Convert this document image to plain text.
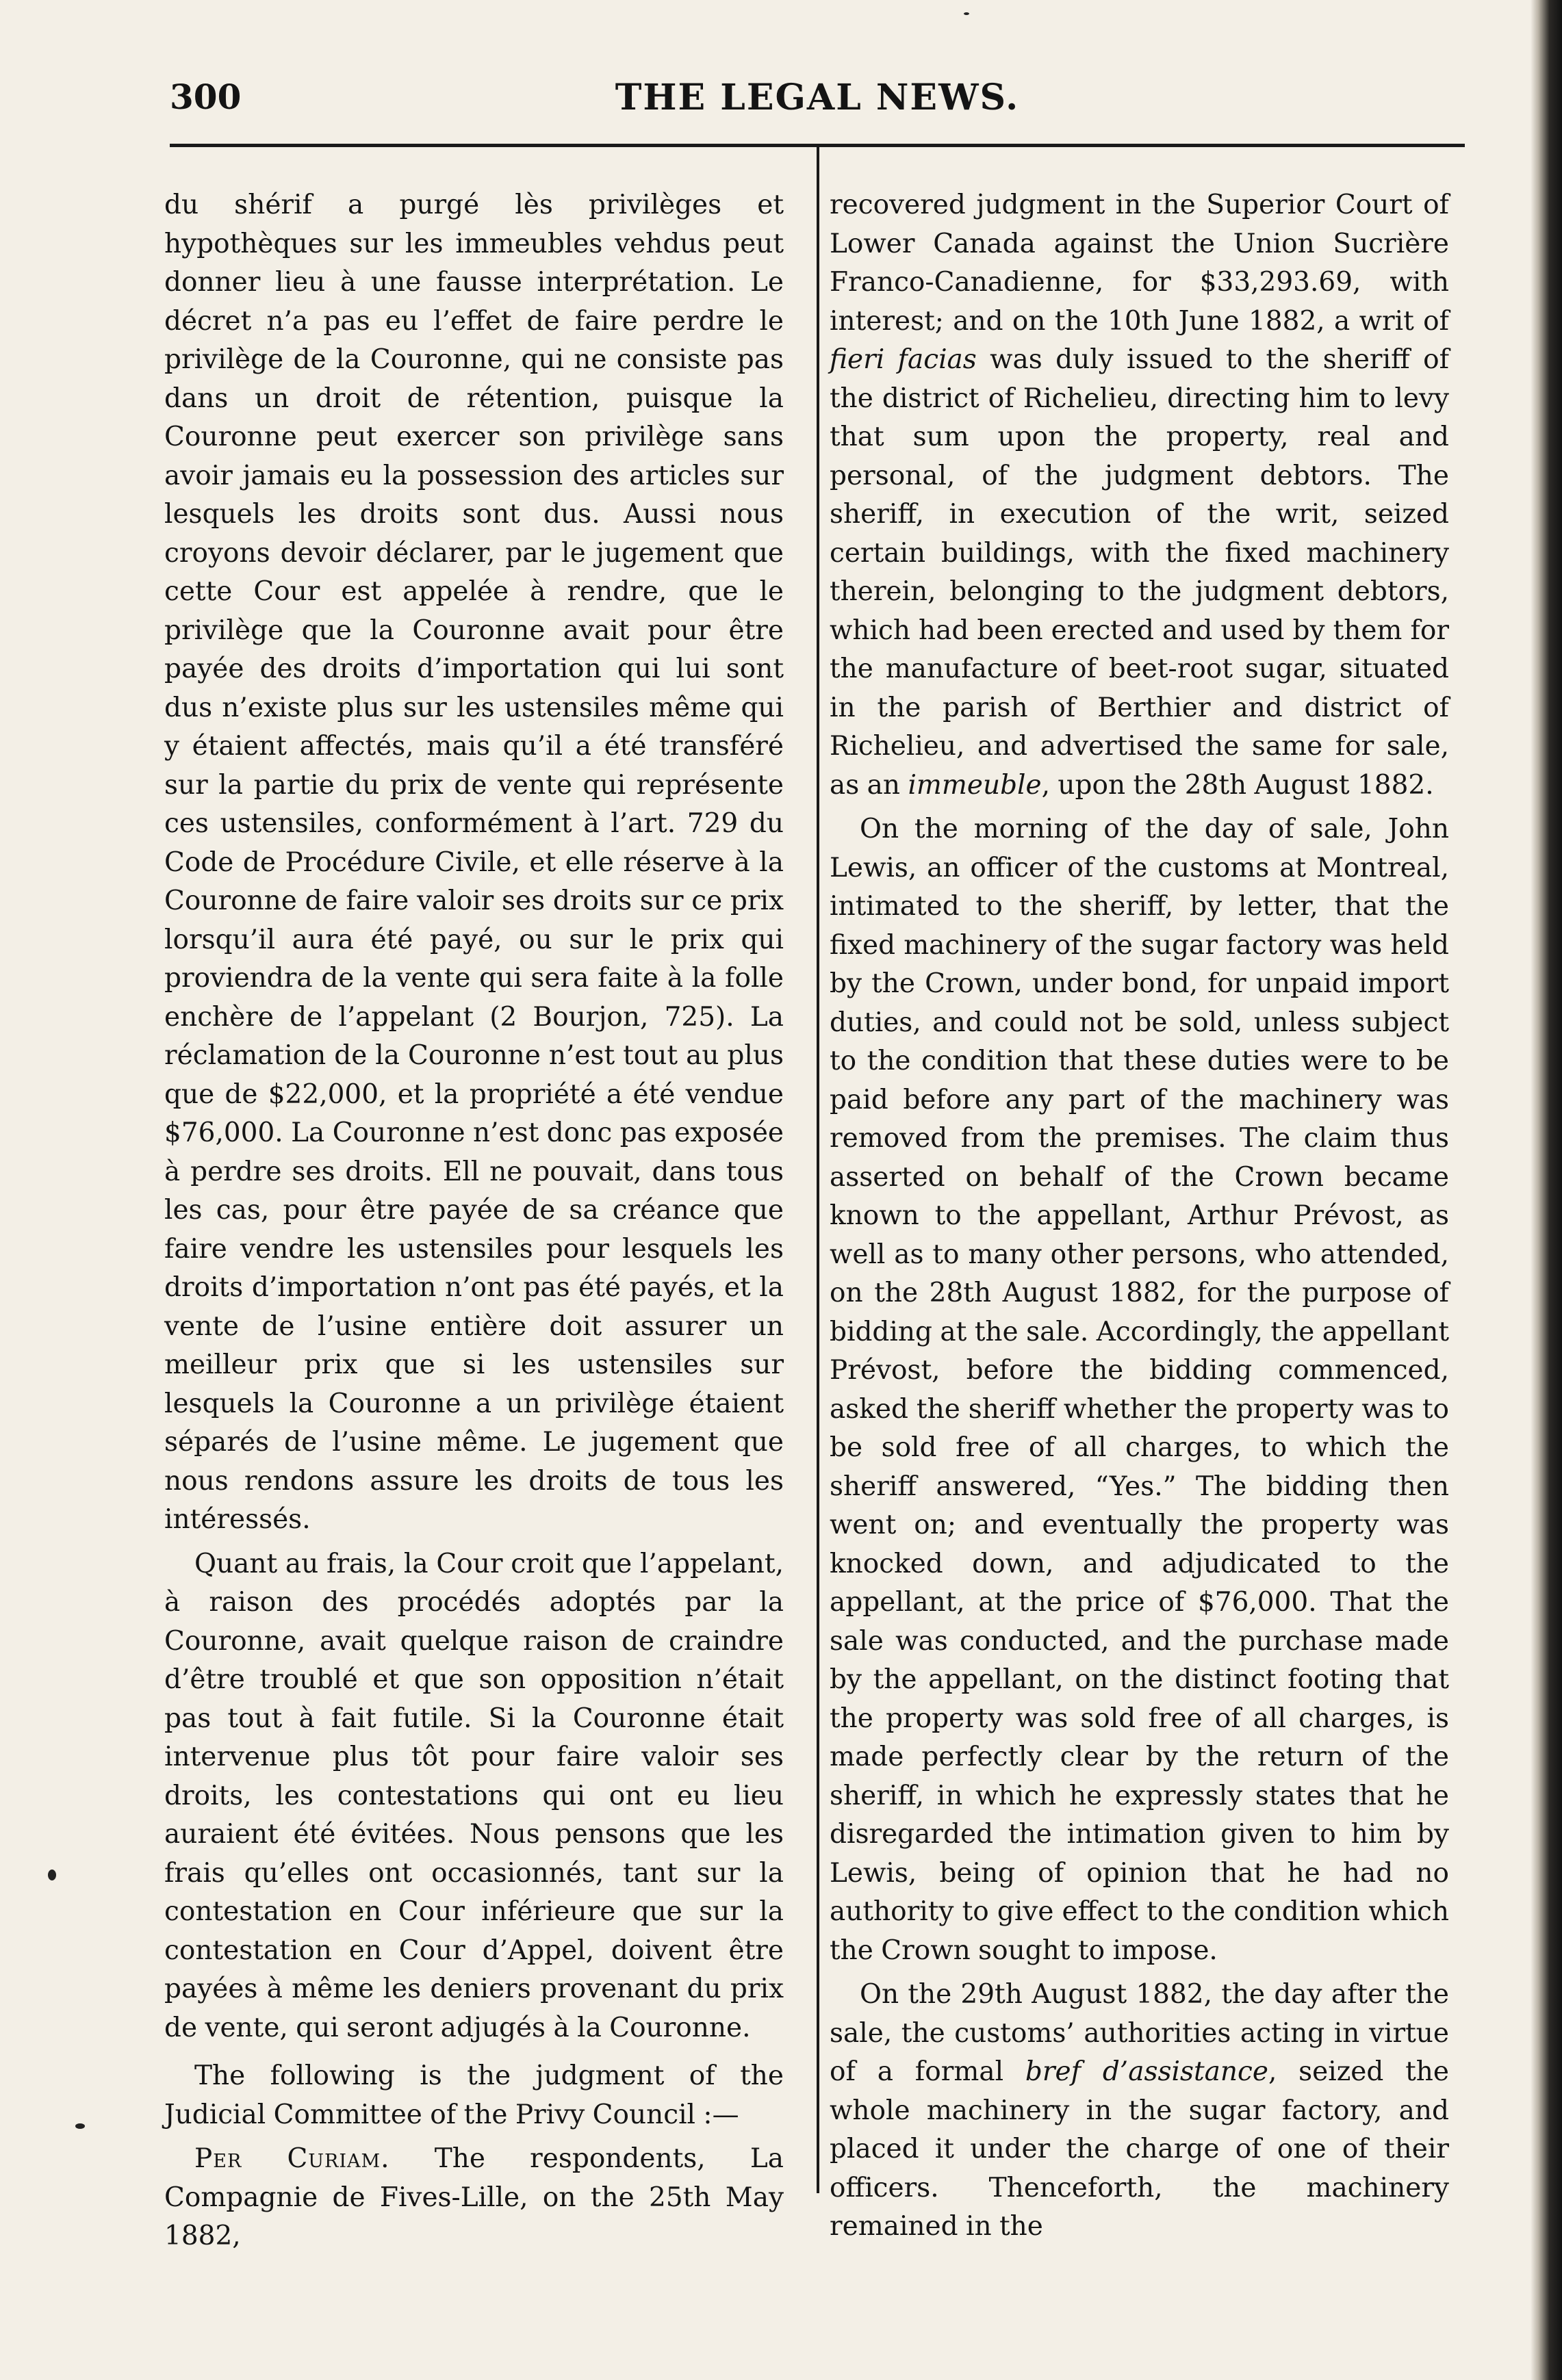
300	THE LEGAL NEWS.

du shérif a purgé lès privilèges et hypothèques sur les immeubles vehdus peut donner lieu à une fausse interprétation. Le décret n’a pas eu l’effet de faire perdre le privilège de la Couronne, qui ne consiste pas dans un droit de rétention, puisque la Couronne peut exercer son privilège sans avoir jamais eu la possession des articles sur lesquels les droits sont dus. Aussi nous croyons devoir déclarer, par le jugement que cette Cour est appelée à rendre, que le privilège que la Couronne avait pour être payée des droits d’importation qui lui sont dus n’existe plus sur les ustensiles même qui y étaient affectés, mais qu’il a été transféré sur la partie du prix de vente qui représente ces ustensiles, conformément à l’art. 729 du Code de Procédure Civile, et elle réserve à la Couronne de faire valoir ses droits sur ce prix lorsqu’il aura été payé, ou sur le prix qui proviendra de la vente qui sera faite à la folle enchère de l’appelant (2 Bourjon, 725). La réclamation de la Couronne n’est tout au plus que de $22,000, et la propriété a été vendue $76,000. La Couronne n’est donc pas exposée à perdre ses droits. Ell ne pouvait, dans tous les cas, pour être payée de sa créance que faire vendre les ustensiles pour lesquels les droits d’importation n’ont pas été payés, et la vente de l’usine entière doit assurer un meilleur prix que si les ustensiles sur lesquels la Couronne a un privilège étaient séparés de l’usine même. Le jugement que nous rendons assure les droits de tous les intéressés.

Quant au frais, la Cour croit que l’appelant, à raison des procédés adoptés par la Couronne, avait quelque raison de craindre d’être troublé et que son opposition n’était pas tout à fait futile. Si la Couronne était intervenue plus tôt pour faire valoir ses droits, les contestations qui ont eu lieu auraient été évitées. Nous pensons que les frais qu’elles ont occasionnés, tant sur la contestation en Cour inférieure que sur la contestation en Cour d’Appel, doivent être payées à même les deniers provenant du prix de vente, qui seront adjugés à la Couronne.

The following is the judgment of the Judicial Committee of the Privy Council :—

Per Curiam. The respondents, La Compagnie de Fives-Lille, on the 25th May 1882,

recovered judgment in the Superior Court of Lower Canada against the Union Sucrière Franco-Canadienne, for $33,293.69, with interest; and on the 10th June 1882, a writ of fieri facias was duly issued to the sheriff of the district of Richelieu, directing him to levy that sum upon the property, real and personal, of the judgment debtors. The sheriff, in execution of the writ, seized certain buildings, with the fixed machinery therein, belonging to the judgment debtors, which had been erected and used by them for the manufacture of beet-root sugar, situated in the parish of Berthier and district of Richelieu, and advertised the same for sale, as an immeuble, upon the 28th August 1882.

On the morning of the day of sale, John Lewis, an officer of the customs at Montreal, intimated to the sheriff, by letter, that the fixed machinery of the sugar factory was held by the Crown, under bond, for unpaid import duties, and could not be sold, unless subject to the condition that these duties were to be paid before any part of the machinery was removed from the premises. The claim thus asserted on behalf of the Crown became known to the appellant, Arthur Prévost, as well as to many other persons, who attended, on the 28th August 1882, for the purpose of bidding at the sale. Accordingly, the appellant Prévost, before the bidding commenced, asked the sheriff whether the property was to be sold free of all charges, to which the sheriff answered, “Yes.” The bidding then went on; and eventually the property was knocked down, and adjudicated to the appellant, at the price of $76,000. That the sale was conducted, and the purchase made by the appellant, on the distinct footing that the property was sold free of all charges, is made perfectly clear by the return of the sheriff, in which he expressly states that he disregarded the intimation given to him by Lewis, being of opinion that he had no authority to give effect to the condition which the Crown sought to impose.

On the 29th August 1882, the day after the sale, the customs’ authorities acting in virtue of a formal bref d’assistance, seized the whole machinery in the sugar factory, and placed it under the charge of one of their officers. Thenceforth, the machinery remained in the
